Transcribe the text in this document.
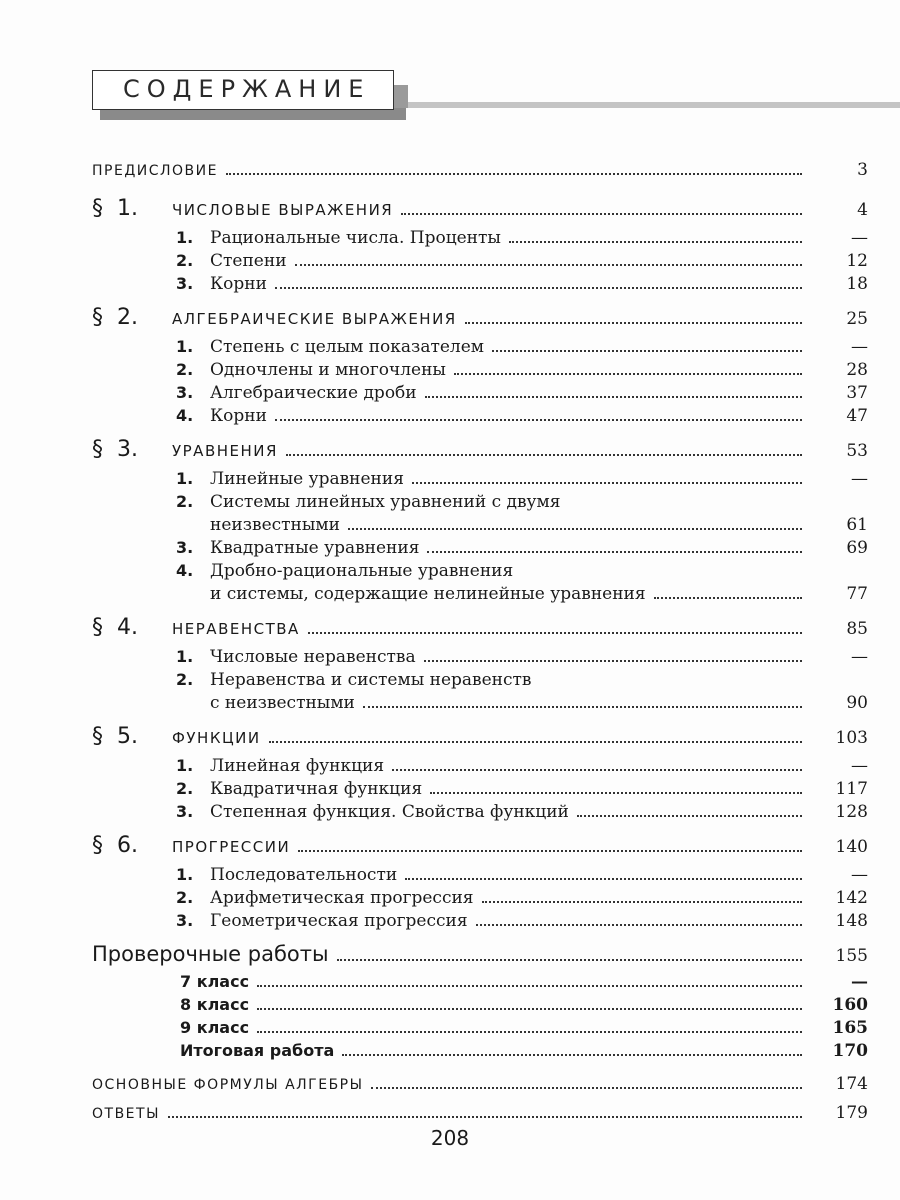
СОДЕРЖАНИЕ
ПРЕДИСЛОВИЕ	3
§ 1.	ЧИСЛОВЫЕ ВЫРАЖЕНИЯ	4
1. Рациональные числа. Проценты	—
2. Степени	12
3. Корни	18
§ 2.	АЛГЕБРАИЧЕСКИЕ ВЫРАЖЕНИЯ	25
1. Степень с целым показателем	—
2. Одночлены и многочлены	28
3. Алгебраические дроби	37
4. Корни	47
§ 3.	УРАВНЕНИЯ	53
1. Линейные уравнения	—
2. Системы линейных уравнений с двумя
неизвестными	61
3. Квадратные уравнения	69
4. Дробно-рациональные уравнения
и системы, содержащие нелинейные уравнения	77
§ 4.	НЕРАВЕНСТВА	85
1. Числовые неравенства	—
2. Неравенства и системы неравенств
с неизвестными	90
§ 5.	ФУНКЦИИ	103
1. Линейная функция	—
2. Квадратичная функция	117
3. Степенная функция. Свойства функций	128
§ 6.	ПРОГРЕССИИ	140
1. Последовательности	—
2. Арифметическая прогрессия	142
3. Геометрическая прогрессия	148
Проверочные работы	155
7 класс	—
8 класс	160
9 класс	165
Итоговая работа	170
ОСНОВНЫЕ ФОРМУЛЫ АЛГЕБРЫ	174
ОТВЕТЫ	179
208
